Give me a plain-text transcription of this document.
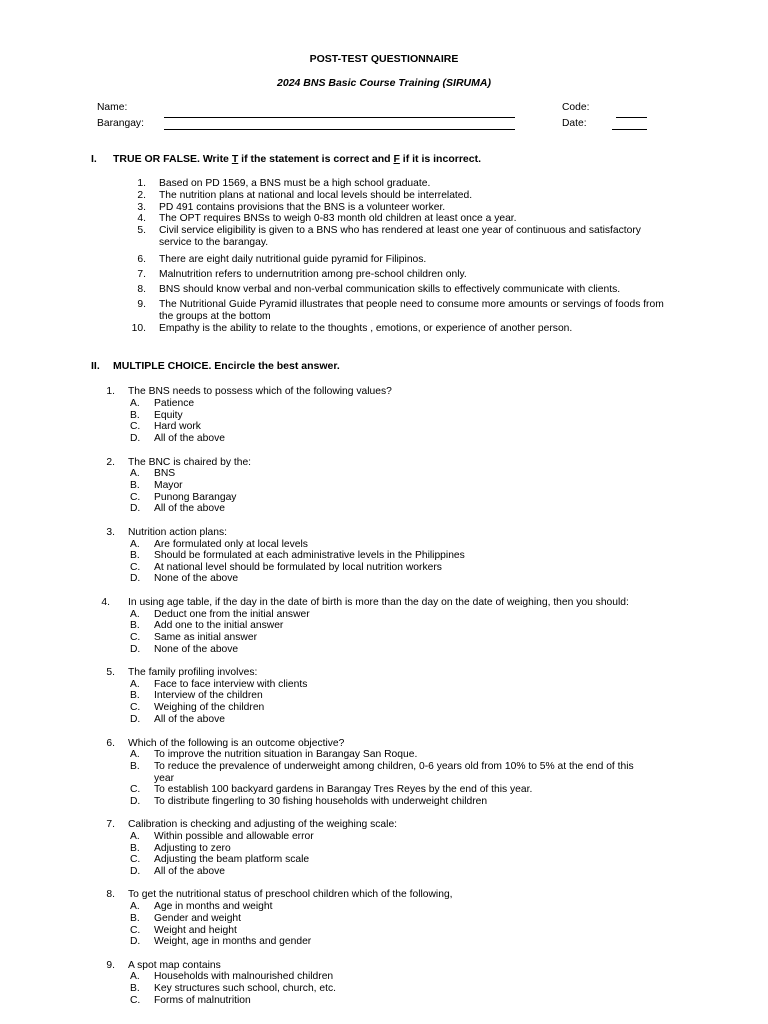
POST-TEST QUESTIONNAIRE
2024 BNS Basic Course Training (SIRUMA)
Name:
Barangay:
Code:
Date:
I. TRUE OR FALSE. Write T if the statement is correct and F if it is incorrect.
1. Based on PD 1569, a BNS must be a high school graduate.
2. The nutrition plans at national and local levels should be interrelated.
3. PD 491 contains provisions that the BNS is a volunteer worker.
4. The OPT requires BNSs to weigh 0-83 month old children at least once a year.
5. Civil service eligibility is given to a BNS who has rendered at least one year of continuous and satisfactory service to the barangay.
6. There are eight daily nutritional guide pyramid for Filipinos.
7. Malnutrition refers to undernutrition among pre-school children only.
8. BNS should know verbal and non-verbal communication skills to effectively communicate with clients.
9. The Nutritional Guide Pyramid illustrates that people need to consume more amounts or servings of foods from the groups at the bottom
10. Empathy is the ability to relate to the thoughts , emotions, or experience of another person.
II. MULTIPLE CHOICE. Encircle the best answer.
1. The BNS needs to possess which of the following values?
A. Patience
B. Equity
C. Hard work
D. All of the above
2. The BNC is chaired by the:
A. BNS
B. Mayor
C. Punong Barangay
D. All of the above
3. Nutrition action plans:
A. Are formulated only at local levels
B. Should be formulated at each administrative levels in the Philippines
C. At national level should be formulated by local nutrition workers
D. None of the above
4. In using age table, if the day in the date of birth is more than the day on the date of weighing, then you should:
A. Deduct one from the initial answer
B. Add one to the initial answer
C. Same as initial answer
D. None of the above
5. The family profiling involves:
A. Face to face interview with clients
B. Interview of the children
C. Weighing of the children
D. All of the above
6. Which of the following is an outcome objective?
A. To improve the nutrition situation in Barangay San Roque.
B. To reduce the prevalence of underweight among children, 0-6 years old from 10% to 5% at the end of this year
C. To establish 100 backyard gardens in Barangay Tres Reyes by the end of this year.
D. To distribute fingerling to 30 fishing households with underweight children
7. Calibration is checking and adjusting of the weighing scale:
A. Within possible and allowable error
B. Adjusting to zero
C. Adjusting the beam platform scale
D. All of the above
8. To get the nutritional status of preschool children which of the following,
A. Age in months and weight
B. Gender and weight
C. Weight and height
D. Weight, age in months and gender
9. A spot map contains
A. Households with malnourished children
B. Key structures such school, church, etc.
C. Forms of malnutrition
